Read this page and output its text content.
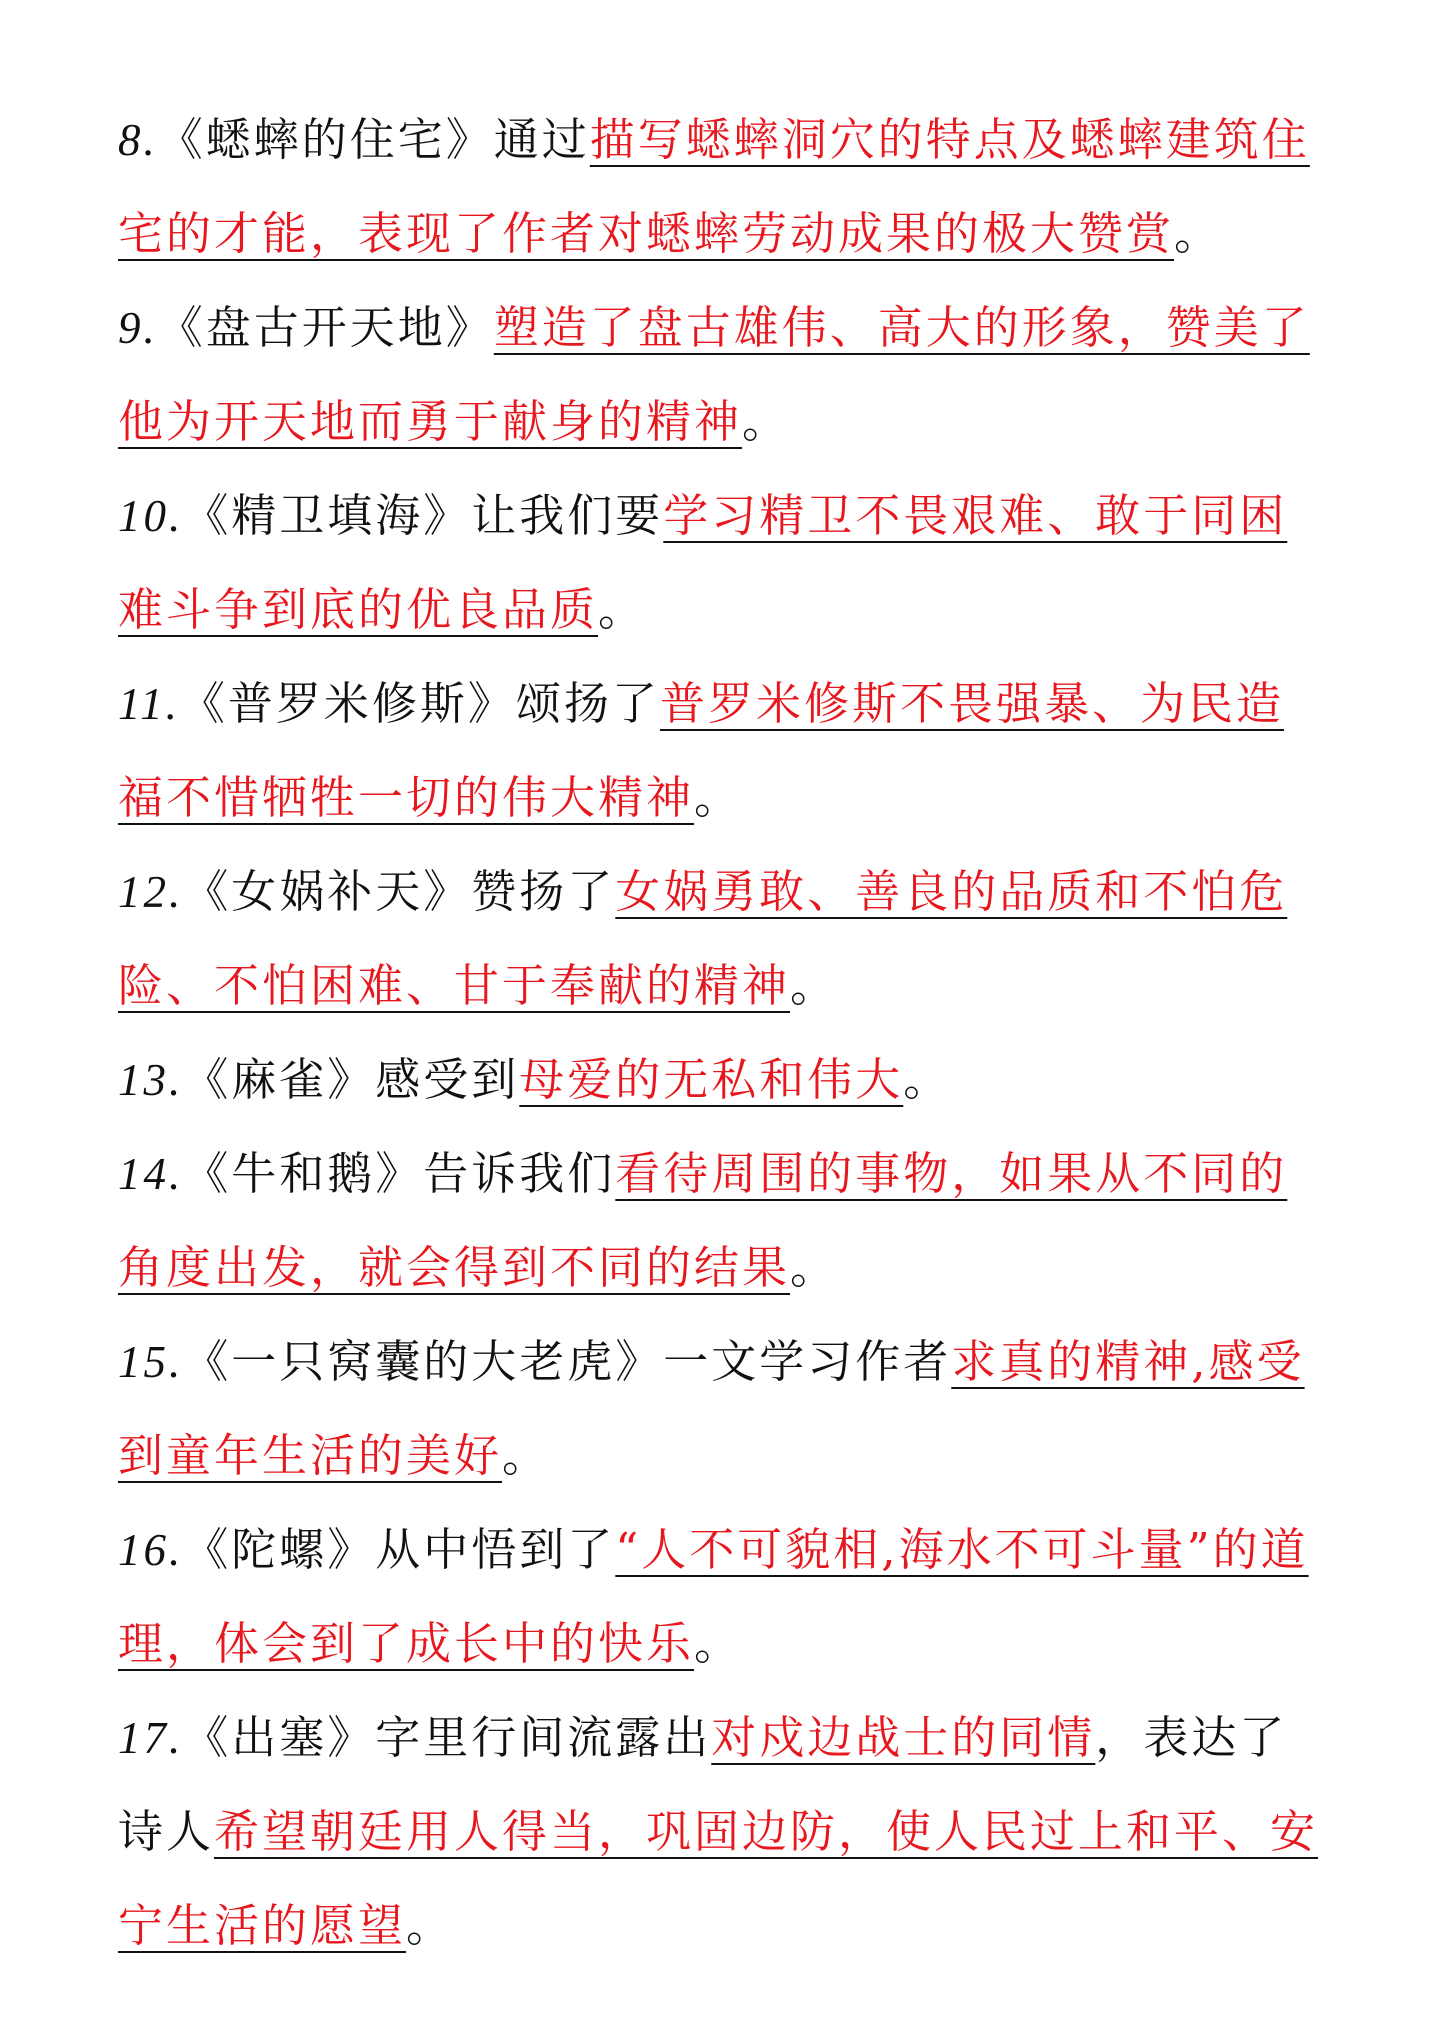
8.《蟋蟀的住宅》通过描写蟋蟀洞穴的特点及蟋蟀建筑住宅的才能，表现了作者对蟋蟀劳动成果的极大赞赏。

9.《盘古开天地》塑造了盘古雄伟、高大的形象，赞美了他为开天地而勇于献身的精神。

10.《精卫填海》让我们要学习精卫不畏艰难、敢于同困难斗争到底的优良品质。

11.《普罗米修斯》颂扬了普罗米修斯不畏强暴、为民造福不惜牺牲一切的伟大精神。

12.《女娲补天》赞扬了女娲勇敢、善良的品质和不怕危险、不怕困难、甘于奉献的精神。

13.《麻雀》感受到母爱的无私和伟大。

14.《牛和鹅》告诉我们看待周围的事物，如果从不同的角度出发，就会得到不同的结果。

15.《一只窝囊的大老虎》一文学习作者求真的精神,感受到童年生活的美好。

16.《陀螺》从中悟到了“人不可貌相,海水不可斗量”的道理，体会到了成长中的快乐。

17.《出塞》字里行间流露出对戍边战士的同情，表达了诗人希望朝廷用人得当，巩固边防，使人民过上和平、安宁生活的愿望。
